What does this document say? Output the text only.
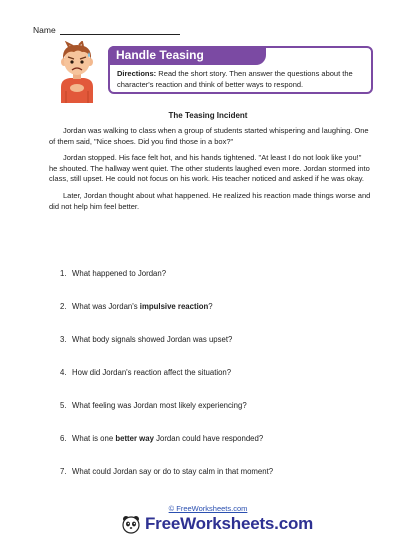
Name
Handle Teasing
Directions: Read the short story. Then answer the questions about the character's reaction and think of better ways to respond.
The Teasing Incident

Jordan was walking to class when a group of students started whispering and laughing. One of them said, "Nice shoes. Did you find those in a box?"

Jordan stopped. His face felt hot, and his hands tightened. "At least I do not look like you!" he shouted. The hallway went quiet. The other students laughed even more. Jordan stormed into class, still upset. He could not focus on his work. His teacher noticed and asked if he was okay.

Later, Jordan thought about what happened. He realized his reaction made things worse and did not help him feel better.

1. What happened to Jordan?
2. What was Jordan's impulsive reaction?
3. What body signals showed Jordan was upset?
4. How did Jordan's reaction affect the situation?
5. What feeling was Jordan most likely experiencing?
6. What is one better way Jordan could have responded?
7. What could Jordan say or do to stay calm in that moment?
© FreeWorksheets.com
FreeWorksheets.com
